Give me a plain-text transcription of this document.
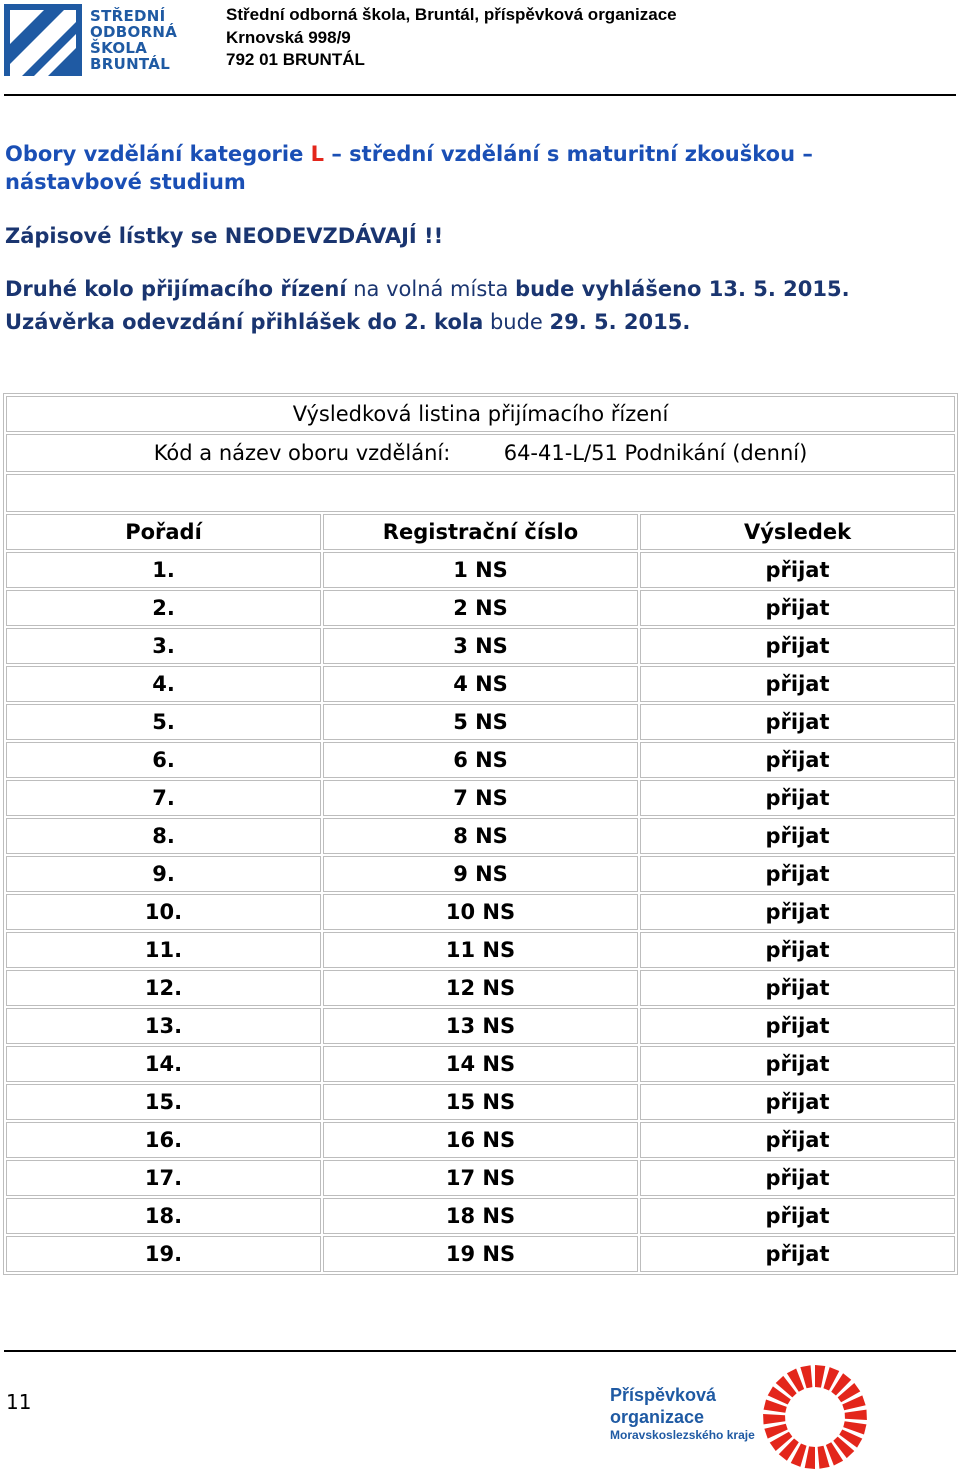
STŘEDNÍ
ODBORNÁ
ŠKOLA
BRUNTÁL
Střední odborná škola, Bruntál, příspěvková organizace
Krnovská 998/9
792 01 BRUNTÁL
Obory vzdělání kategorie L – střední vzdělání s maturitní zkouškou – nástavbové studium
Zápisové lístky se NEODEVZDÁVAJÍ !!
Druhé kolo přijímacího řízení na volná místa bude vyhlášeno 13. 5. 2015.
Uzávěrka odevzdání přihlášek do 2. kola bude 29. 5. 2015.
Výsledková listina přijímacího řízení		
Kód a název oboru vzdělání: 64-41-L/51 Podnikání (denní)		

Pořadí	Registrační číslo	Výsledek
1.	1 NS	přijat
2.	2 NS	přijat
3.	3 NS	přijat
4.	4 NS	přijat
5.	5 NS	přijat
6.	6 NS	přijat
7.	7 NS	přijat
8.	8 NS	přijat
9.	9 NS	přijat
10.	10 NS	přijat
11.	11 NS	přijat
12.	12 NS	přijat
13.	13 NS	přijat
14.	14 NS	přijat
15.	15 NS	přijat
16.	16 NS	přijat
17.	17 NS	přijat
18.	18 NS	přijat
19.	19 NS	přijat
11	Příspěvková organizace
Moravskoslezského kraje
